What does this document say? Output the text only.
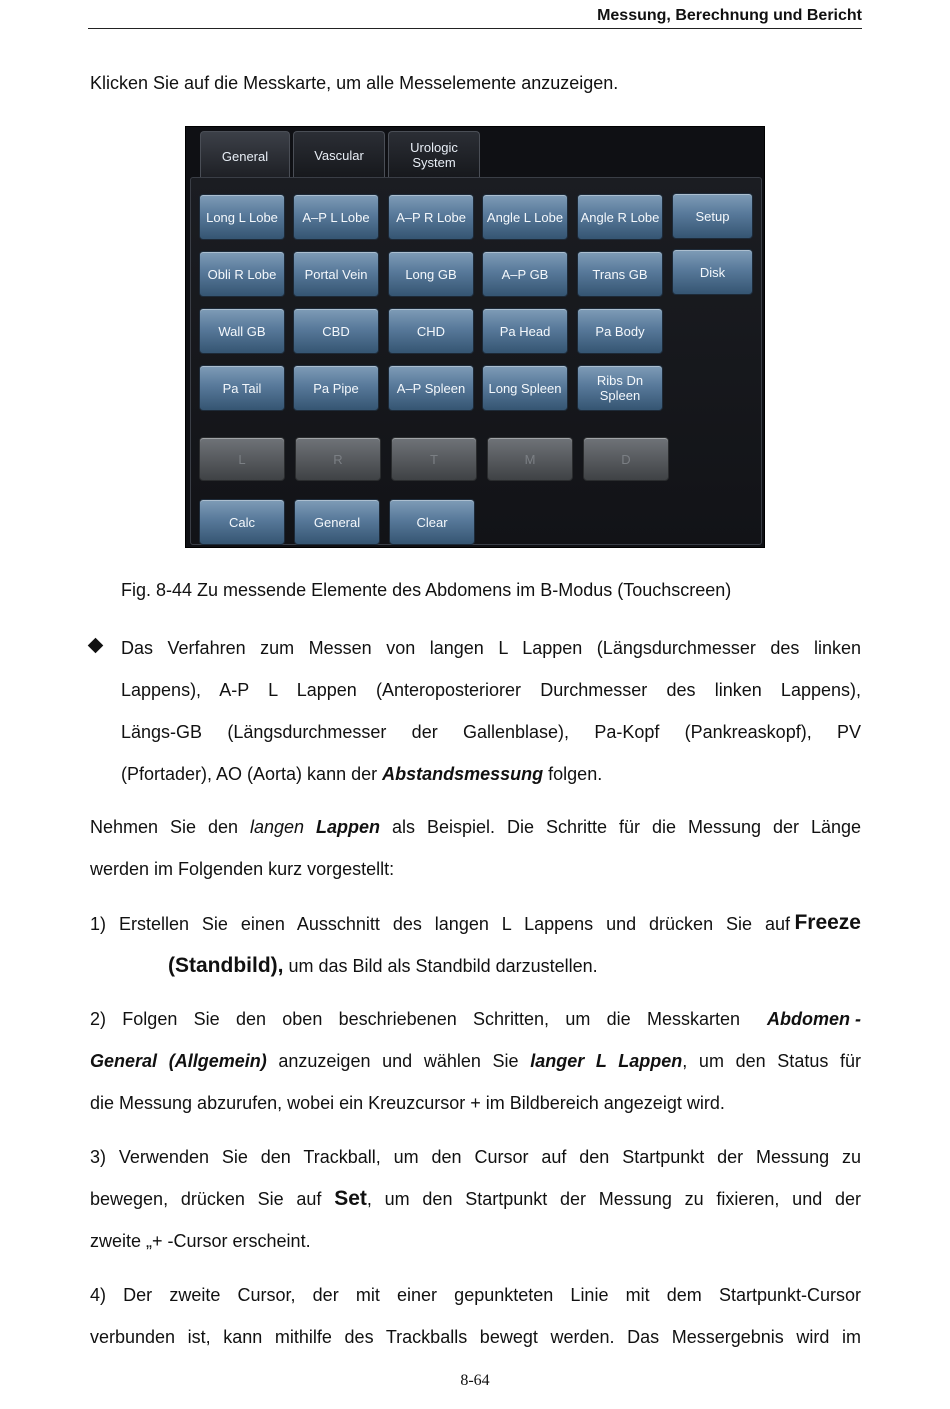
Messung, Berechnung und Bericht
Klicken Sie auf die Messkarte, um alle Messelemente anzuzeigen.
General	Vascular	Urologic System
Long L Lobe	A–P L Lobe	A–P R Lobe	Angle L Lobe	Angle R Lobe	Setup
Obli R Lobe	Portal Vein	Long GB	A–P GB	Trans GB	Disk
Wall GB	CBD	CHD	Pa Head	Pa Body
Pa Tail	Pa Pipe	A–P Spleen	Long Spleen	Ribs Dn Spleen
L	R	T	M	D
Calc	General	Clear
Fig. 8-44 Zu messende Elemente des Abdomens im B-Modus (Touchscreen)
Das Verfahren zum Messen von langen L Lappen (Längsdurchmesser des linken
Lappens), A-P L Lappen (Anteroposteriorer Durchmesser des linken Lappens),
Längs-GB (Längsdurchmesser der Gallenblase), Pa-Kopf (Pankreaskopf), PV
(Pfortader), AO (Aorta) kann der Abstandsmessung folgen.
Nehmen Sie den langen Lappen als Beispiel. Die Schritte für die Messung der Länge
werden im Folgenden kurz vorgestellt:
1) Erstellen Sie einen Ausschnitt des langen L Lappens und drücken Sie auf Freeze
(Standbild), um das Bild als Standbild darzustellen.
2) Folgen Sie den oben beschriebenen Schritten, um die Messkarten Abdomen -
General (Allgemein) anzuzeigen und wählen Sie langer L Lappen, um den Status für
die Messung abzurufen, wobei ein Kreuzcursor + im Bildbereich angezeigt wird.
3) Verwenden Sie den Trackball, um den Cursor auf den Startpunkt der Messung zu
bewegen, drücken Sie auf Set, um den Startpunkt der Messung zu fixieren, und der
zweite „+ -Cursor erscheint.
4) Der zweite Cursor, der mit einer gepunkteten Linie mit dem Startpunkt-Cursor
verbunden ist, kann mithilfe des Trackballs bewegt werden. Das Messergebnis wird im
8-64
